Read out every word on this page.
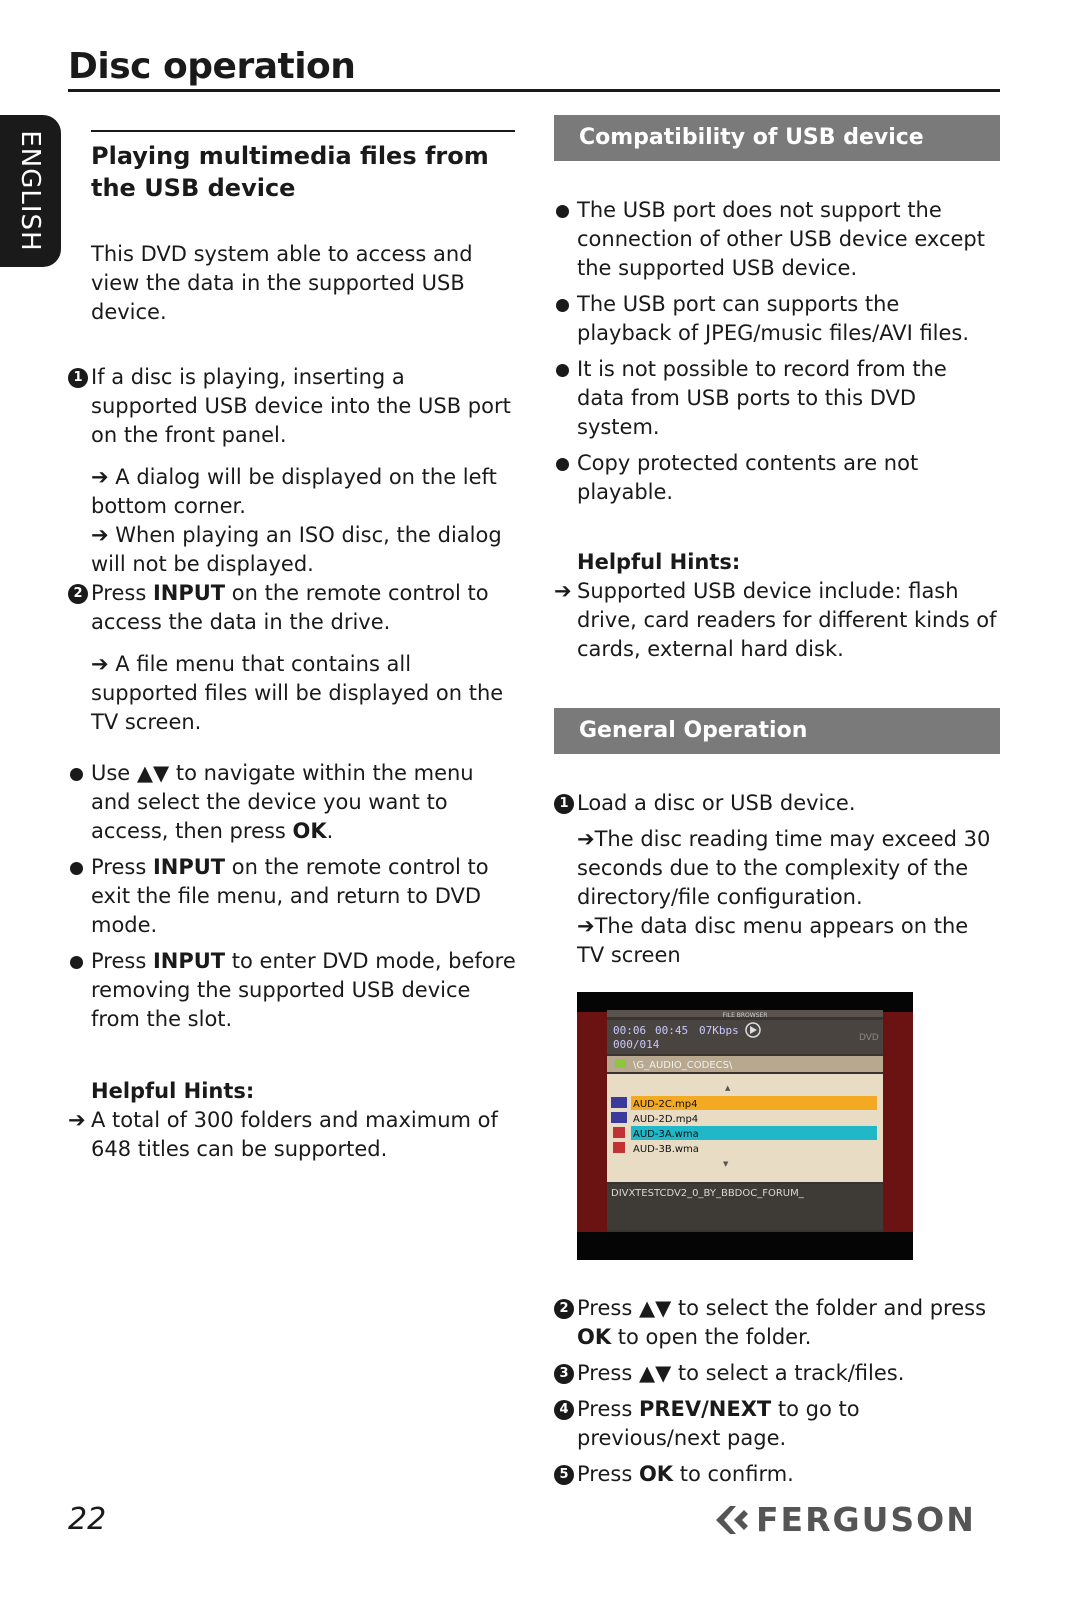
Disc operation
ENGLISH Playing multimedia files from the USB device
This DVD system able to access and view the data in the supported USB device.
1 If a disc is playing, inserting a supported USB device into the USB port on the front panel.
➔ A dialog will be displayed on the left bottom corner.
➔ When playing an ISO disc, the dialog will not be displayed.
2 Press INPUT on the remote control to access the data in the drive.
➔ A file menu that contains all supported files will be displayed on the TV screen.
Use ▲▼ to navigate within the menu and select the device you want to access, then press OK.
Press INPUT on the remote control to exit the file menu, and return to DVD mode.
Press INPUT to enter DVD mode, before removing the supported USB device from the slot.
Helpful Hints:
➔ A total of 300 folders and maximum of 648 titles can be supported.
Compatibility of USB device
The USB port does not support the connection of other USB device except the supported USB device.
The USB port can supports the playback of JPEG/music files/AVI files.
It is not possible to record from the data from USB ports to this DVD system.
Copy protected contents are not playable.
Helpful Hints:
➔ Supported USB device include: flash drive, card readers for different kinds of cards, external hard disk.
General Operation
1 Load a disc or USB device.
➔The disc reading time may exceed 30 seconds due to the complexity of the directory/file configuration.
➔The data disc menu appears on the TV screen
FILE BROWSER
00:06 00:45 07Kbps
000/014	DVD
\G_AUDIO_CODECS\
▲
AUD-2C.mp4
AUD-2D.mp4
AUD-3A.wma
AUD-3B.wma
▼
DIVXTESTCDV2_0_BY_BBDOC_FORUM_
2 Press ▲▼ to select the folder and press OK to open the folder.
3 Press ▲▼ to select a track/files.
4 Press PREV/NEXT to go to previous/next page.
5 Press OK to confirm.
22	FERGUSON
